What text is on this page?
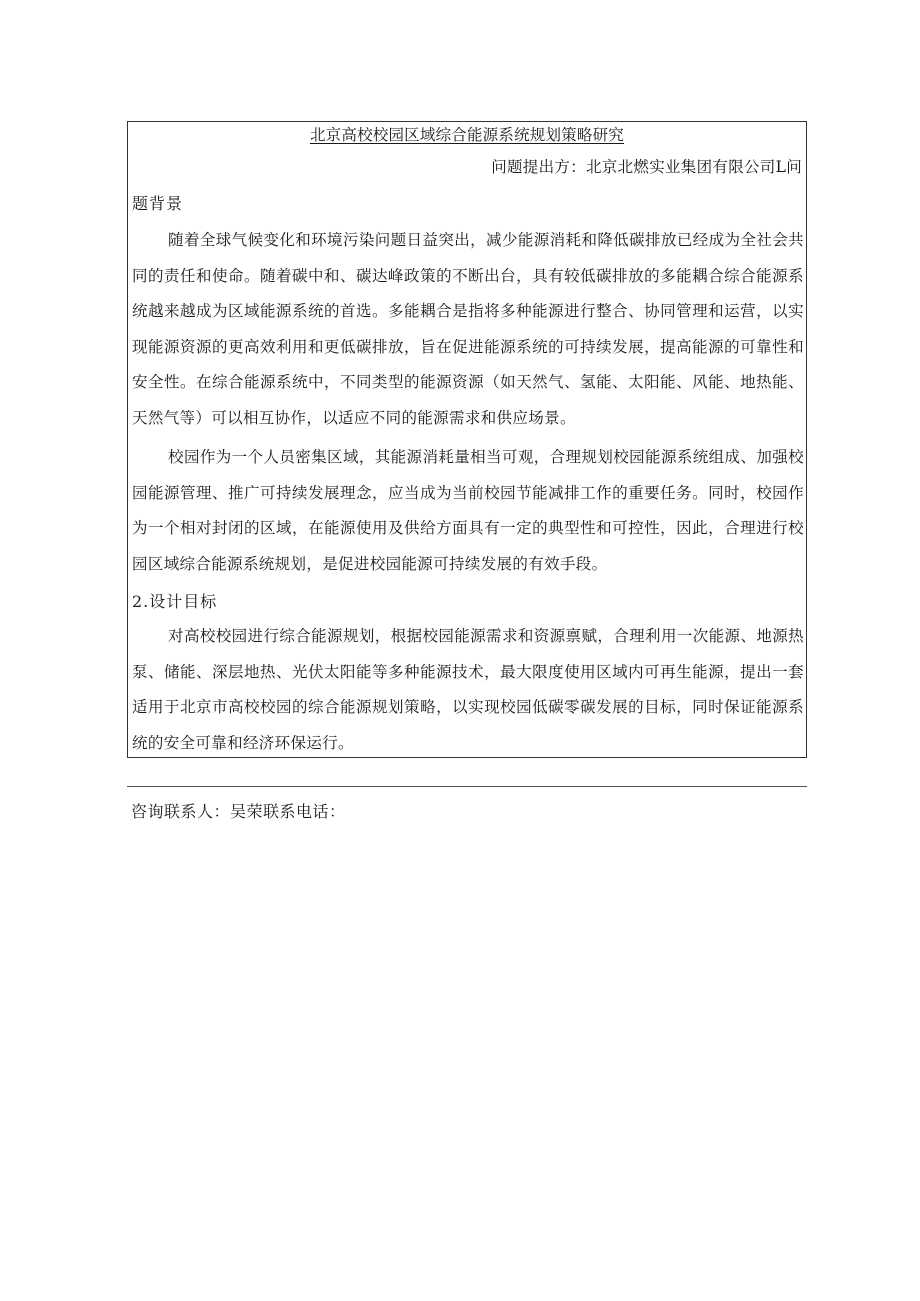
北京高校校园区域综合能源系统规划策略研究
问题提出方：北京北燃实业集团有限公司L问
题背景
随着全球气候变化和环境污染问题日益突出，减少能源消耗和降低碳排放已经成为全社会共同的责任和使命。随着碳中和、碳达峰政策的不断出台，具有较低碳排放的多能耦合综合能源系统越来越成为区域能源系统的首选。多能耦合是指将多种能源进行整合、协同管理和运营，以实现能源资源的更高效利用和更低碳排放，旨在促进能源系统的可持续发展，提高能源的可靠性和安全性。在综合能源系统中，不同类型的能源资源（如天然气、氢能、太阳能、风能、地热能、天然气等）可以相互协作，以适应不同的能源需求和供应场景。
校园作为一个人员密集区域，其能源消耗量相当可观，合理规划校园能源系统组成、加强校园能源管理、推广可持续发展理念，应当成为当前校园节能减排工作的重要任务。同时，校园作为一个相对封闭的区域，在能源使用及供给方面具有一定的典型性和可控性，因此，合理进行校园区域综合能源系统规划，是促进校园能源可持续发展的有效手段。
2.设计目标
对高校校园进行综合能源规划，根据校园能源需求和资源禀赋，合理利用一次能源、地源热泵、储能、深层地热、光伏太阳能等多种能源技术，最大限度使用区域内可再生能源，提出一套适用于北京市高校校园的综合能源规划策略，以实现校园低碳零碳发展的目标，同时保证能源系统的安全可靠和经济环保运行。
咨询联系人：吴荣联系电话：
